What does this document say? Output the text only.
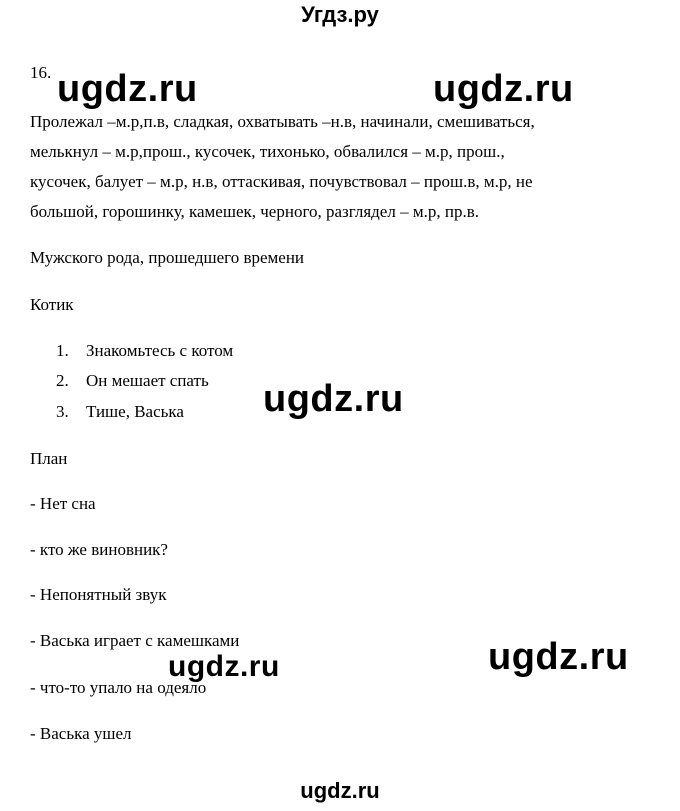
Угдз.ру
16.
Пролежал –м.р,п.в, сладкая, охватывать –н.в, начинали, смешиваться,
мелькнул – м.р,прош., кусочек, тихонько, обвалился – м.р, прош.,
кусочек, балует – м.р, н.в, оттаскивая, почувствовал – прош.в, м.р, не
большой, горошинку, камешек, черного, разглядел – м.р, пр.в.
Мужского рода, прошедшего времени
Котик
1. Знакомьтесь с котом
2. Он мешает спать
3. Тише, Васька
План
- Нет сна
- кто же виновник?
- Непонятный звук
- Васька играет с камешками
- что-то упало на одеяло
- Васька ушел
ugdz.ru	ugdz.ru
ugdz.ru
ugdz.ru	ugdz.ru
ugdz.ru
